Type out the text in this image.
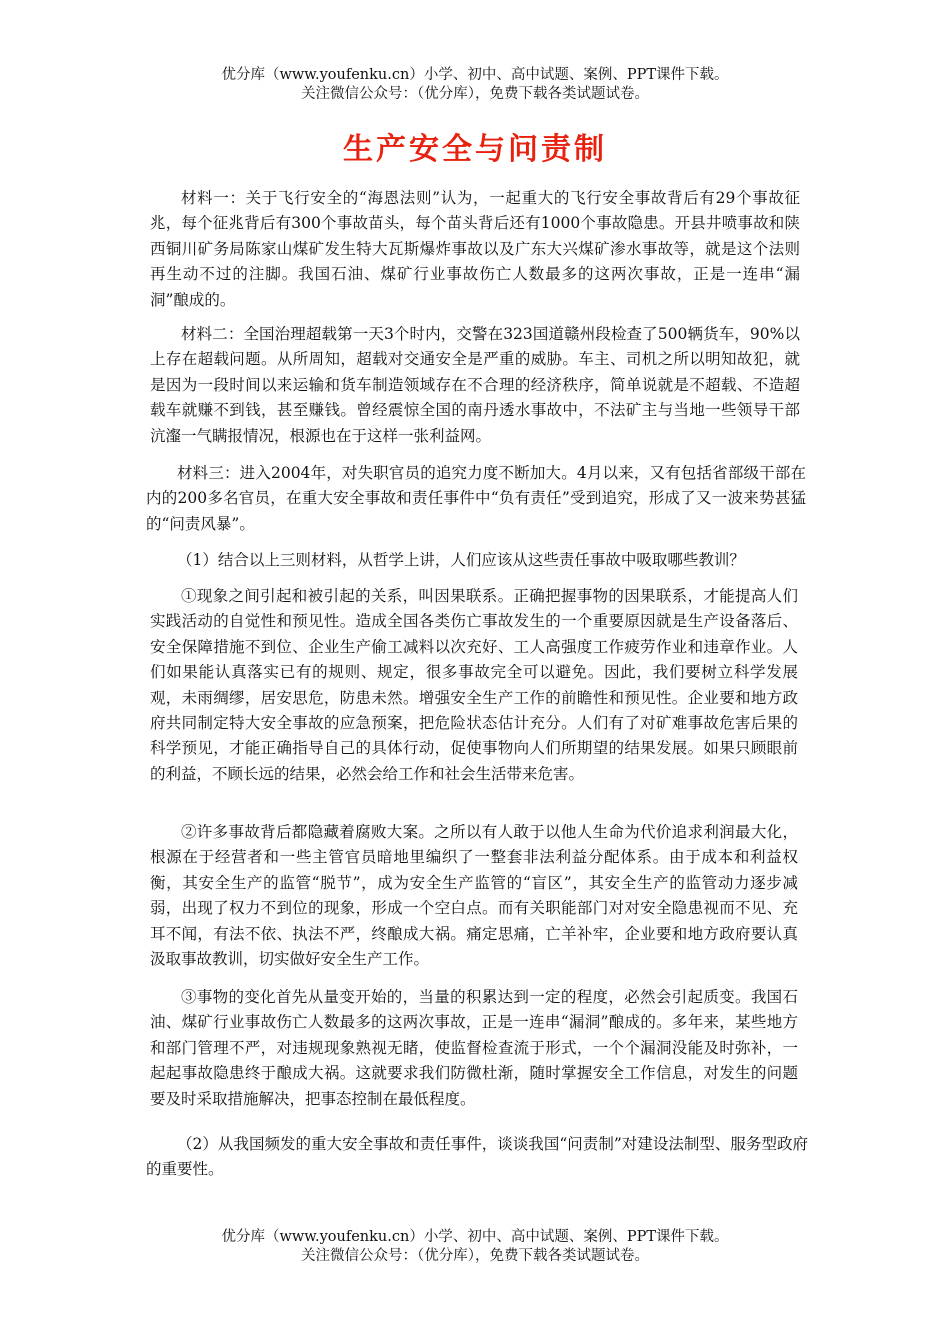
优分库（www.youfenku.cn）小学、初中、高中试题、案例、PPT课件下载。
关注微信公众号：（优分库），免费下载各类试题试卷。
生产安全与问责制

材料一：关于飞行安全的“海恩法则”认为，一起重大的飞行安全事故背后有29个事故征兆，每个征兆背后有300个事故苗头，每个苗头背后还有1000个事故隐患。开县井喷事故和陕西铜川矿务局陈家山煤矿发生特大瓦斯爆炸事故以及广东大兴煤矿渗水事故等，就是这个法则再生动不过的注脚。我国石油、煤矿行业事故伤亡人数最多的这两次事故，正是一连串“漏洞”酿成的。

材料二：全国治理超载第一天3个时内，交警在323国道赣州段检查了500辆货车，90%以上存在超载问题。从所周知，超载对交通安全是严重的威胁。车主、司机之所以明知故犯，就是因为一段时间以来运输和货车制造领域存在不合理的经济秩序，简单说就是不超载、不造超载车就赚不到钱，甚至赚钱。曾经震惊全国的南丹透水事故中，不法矿主与当地一些领导干部沆瀣一气瞒报情况，根源也在于这样一张利益网。

材料三：进入2004年，对失职官员的追究力度不断加大。4月以来，又有包括省部级干部在内的200多名官员，在重大安全事故和责任事件中“负有责任”受到追究，形成了又一波来势甚猛的“问责风暴”。

（1）结合以上三则材料，从哲学上讲，人们应该从这些责任事故中吸取哪些教训？

①现象之间引起和被引起的关系，叫因果联系。正确把握事物的因果联系，才能提高人们实践活动的自觉性和预见性。造成全国各类伤亡事故发生的一个重要原因就是生产设备落后、安全保障措施不到位、企业生产偷工减料以次充好、工人高强度工作疲劳作业和违章作业。人们如果能认真落实已有的规则、规定，很多事故完全可以避免。因此，我们要树立科学发展观，未雨绸缪，居安思危，防患未然。增强安全生产工作的前瞻性和预见性。企业要和地方政府共同制定特大安全事故的应急预案，把危险状态估计充分。人们有了对矿难事故危害后果的科学预见，才能正确指导自己的具体行动，促使事物向人们所期望的结果发展。如果只顾眼前的利益，不顾长远的结果，必然会给工作和社会生活带来危害。

②许多事故背后都隐藏着腐败大案。之所以有人敢于以他人生命为代价追求利润最大化，根源在于经营者和一些主管官员暗地里编织了一整套非法利益分配体系。由于成本和利益权衡，其安全生产的监管“脱节”，成为安全生产监管的“盲区”，其安全生产的监管动力逐步减弱，出现了权力不到位的现象，形成一个空白点。而有关职能部门对对安全隐患视而不见、充耳不闻，有法不依、执法不严，终酿成大祸。痛定思痛，亡羊补牢，企业要和地方政府要认真汲取事故教训，切实做好安全生产工作。

③事物的变化首先从量变开始的，当量的积累达到一定的程度，必然会引起质变。我国石油、煤矿行业事故伤亡人数最多的这两次事故，正是一连串“漏洞”酿成的。多年来，某些地方和部门管理不严，对违规现象熟视无睹，使监督检查流于形式，一个个漏洞没能及时弥补，一起起事故隐患终于酿成大祸。这就要求我们防微杜渐，随时掌握安全工作信息，对发生的问题要及时采取措施解决，把事态控制在最低程度。

（2）从我国频发的重大安全事故和责任事件，谈谈我国“问责制”对建设法制型、服务型政府的重要性。

优分库（www.youfenku.cn）小学、初中、高中试题、案例、PPT课件下载。
关注微信公众号：（优分库），免费下载各类试题试卷。
